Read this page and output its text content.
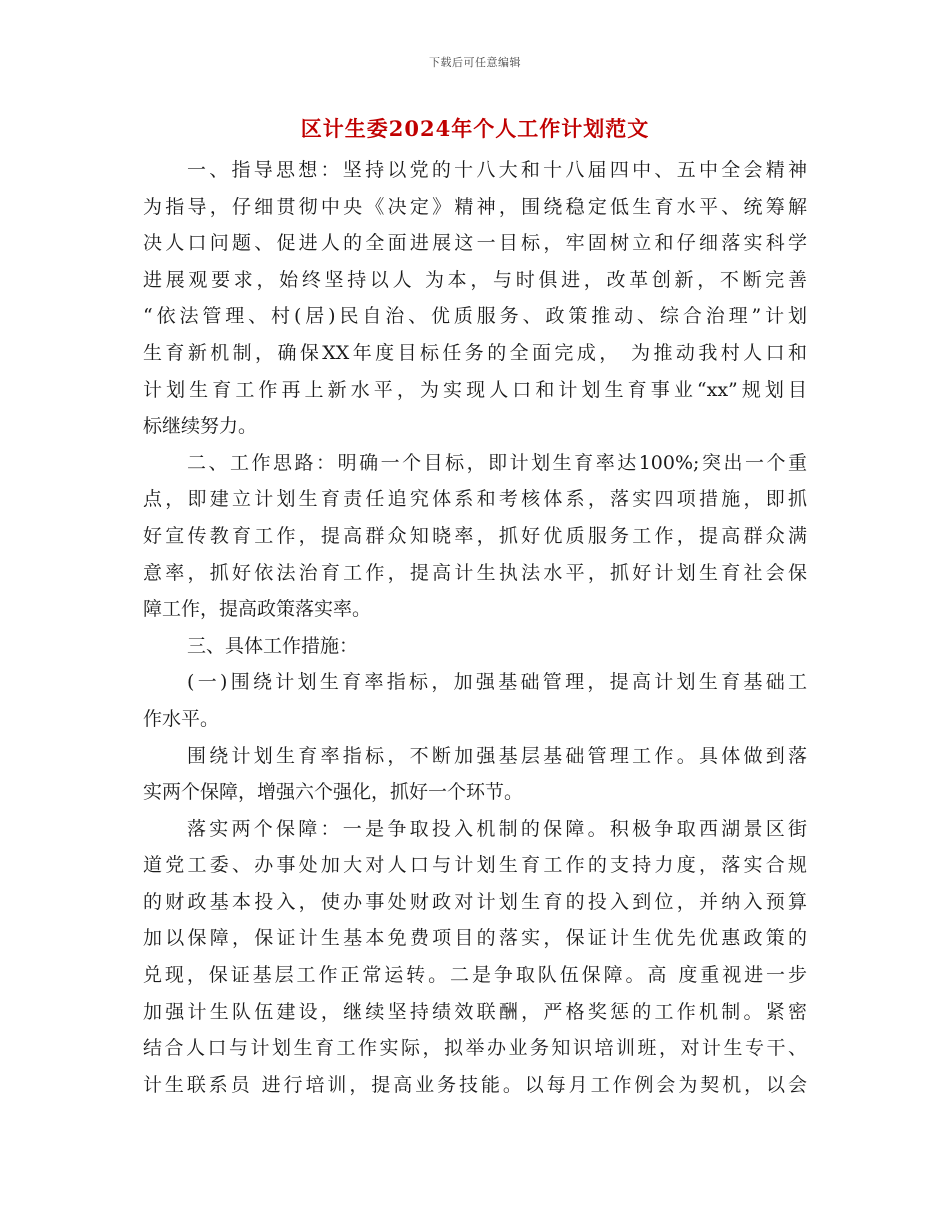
下载后可任意编辑
区计生委2024年个人工作计划范文
一、指导思想：坚持以党的十八大和十八届四中、五中全会精神
为指导，仔细贯彻中央《决定》精神，围绕稳定低生育水平、统筹解
决人口问题、促进人的全面进展这一目标，牢固树立和仔细落实科学
进展观要求，始终坚持以人 为本，与时俱进，改革创新，不断完善
“依法管理、村(居)民自治、优质服务、政策推动、综合治理”计划
生育新机制，确保XX年度目标任务的全面完成， 为推动我村人口和
计划生育工作再上新水平，为实现人口和计划生育事业“xx”规划目
标继续努力。
二、工作思路：明确一个目标，即计划生育率达100%;突出一个重
点，即建立计划生育责任追究体系和考核体系，落实四项措施，即抓
好宣传教育工作，提高群众知晓率，抓好优质服务工作，提高群众满
意率，抓好依法治育工作，提高计生执法水平，抓好计划生育社会保
障工作，提高政策落实率。
三、具体工作措施：
(一)围绕计划生育率指标，加强基础管理，提高计划生育基础工
作水平。
围绕计划生育率指标，不断加强基层基础管理工作。具体做到落
实两个保障，增强六个强化，抓好一个环节。
落实两个保障：一是争取投入机制的保障。积极争取西湖景区街
道党工委、办事处加大对人口与计划生育工作的支持力度，落实合规
的财政基本投入，使办事处财政对计划生育的投入到位，并纳入预算
加以保障，保证计生基本免费项目的落实，保证计生优先优惠政策的
兑现，保证基层工作正常运转。二是争取队伍保障。高 度重视进一步
加强计生队伍建设，继续坚持绩效联酬，严格奖惩的工作机制。紧密
结合人口与计划生育工作实际，拟举办业务知识培训班，对计生专干、
计生联系员 进行培训，提高业务技能。以每月工作例会为契机，以会
